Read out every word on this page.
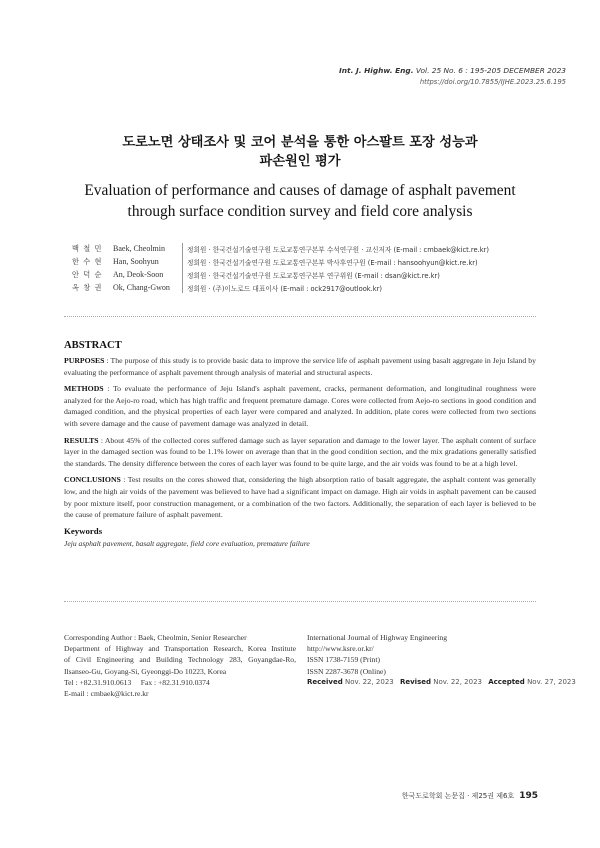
Int. J. Highw. Eng. Vol. 25 No. 6 : 195-205 DECEMBER 2023
https://doi.org/10.7855/IJHE.2023.25.6.195
도로노면 상태조사 및 코어 분석을 통한 아스팔트 포장 성능과
파손원인 평가
Evaluation of performance and causes of damage of asphalt pavement
through surface condition survey and field core analysis
백 철 민	Baek, Cheolmin	정회원 · 한국건설기술연구원 도로교통연구본부 수석연구원 · 교신저자 (E-mail : cmbaek@kict.re.kr)
한 수 현	Han, Soohyun	정회원 · 한국건설기술연구원 도로교통연구본부 박사후연구원 (E-mail : hansoohyun@kict.re.kr)
안 덕 순	An, Deok-Soon	정회원 · 한국건설기술연구원 도로교통연구본부 연구위원 (E-mail : dsan@kict.re.kr)
옥 창 권	Ok, Chang-Gwon	정회원 · (주)이노로드 대표이사 (E-mail : ock2917@outlook.kr)
ABSTRACT

PURPOSES : The purpose of this study is to provide basic data to improve the service life of asphalt pavement using basalt aggregate in Jeju Island by evaluating the performance of asphalt pavement through analysis of material and structural aspects.

METHODS : To evaluate the performance of Jeju Island's asphalt pavement, cracks, permanent deformation, and longitudinal roughness were analyzed for the Aejo-ro road, which has high traffic and frequent premature damage. Cores were collected from Aejo-ro sections in good condition and damaged condition, and the physical properties of each layer were compared and analyzed. In addition, plate cores were collected from two sections with severe damage and the cause of pavement damage was analyzed in detail.

RESULTS : About 45% of the collected cores suffered damage such as layer separation and damage to the lower layer. The asphalt content of surface layer in the damaged section was found to be 1.1% lower on average than that in the good condition section, and the mix gradations generally satisfied the standards. The density difference between the cores of each layer was found to be quite large, and the air voids was found to be at a high level.

CONCLUSIONS : Test results on the cores showed that, considering the high absorption ratio of basalt aggregate, the asphalt content was generally low, and the high air voids of the pavement was believed to have had a significant impact on damage. High air voids in asphalt pavement can be caused by poor mixture itself, poor construction management, or a combination of the two factors. Additionally, the separation of each layer is believed to be the cause of premature failure of asphalt pavement.

Keywords

Jeju asphalt pavement, basalt aggregate, field core evaluation, premature failure

Corresponding Author : Baek, Cheolmin, Senior Researcher
Department of Highway and Transportation Research, Korea Institute
of Civil Engineering and Building Technology 283, Goyangdae-Ro,
Ilsanseo-Gu, Goyang-Si, Gyeonggi-Do 10223, Korea
Tel : +82.31.910.0613     Fax : +82.31.910.0374
E-mail : cmbaek@kict.re.kr
International Journal of Highway Engineering
http://www.ksre.or.kr/
ISSN 1738-7159 (Print)
ISSN 2287-3678 (Online)
Received Nov. 22, 2023 Revised Nov. 22, 2023 Accepted Nov. 27, 2023
한국도로학회 논문집 · 제25권 제6호 195
